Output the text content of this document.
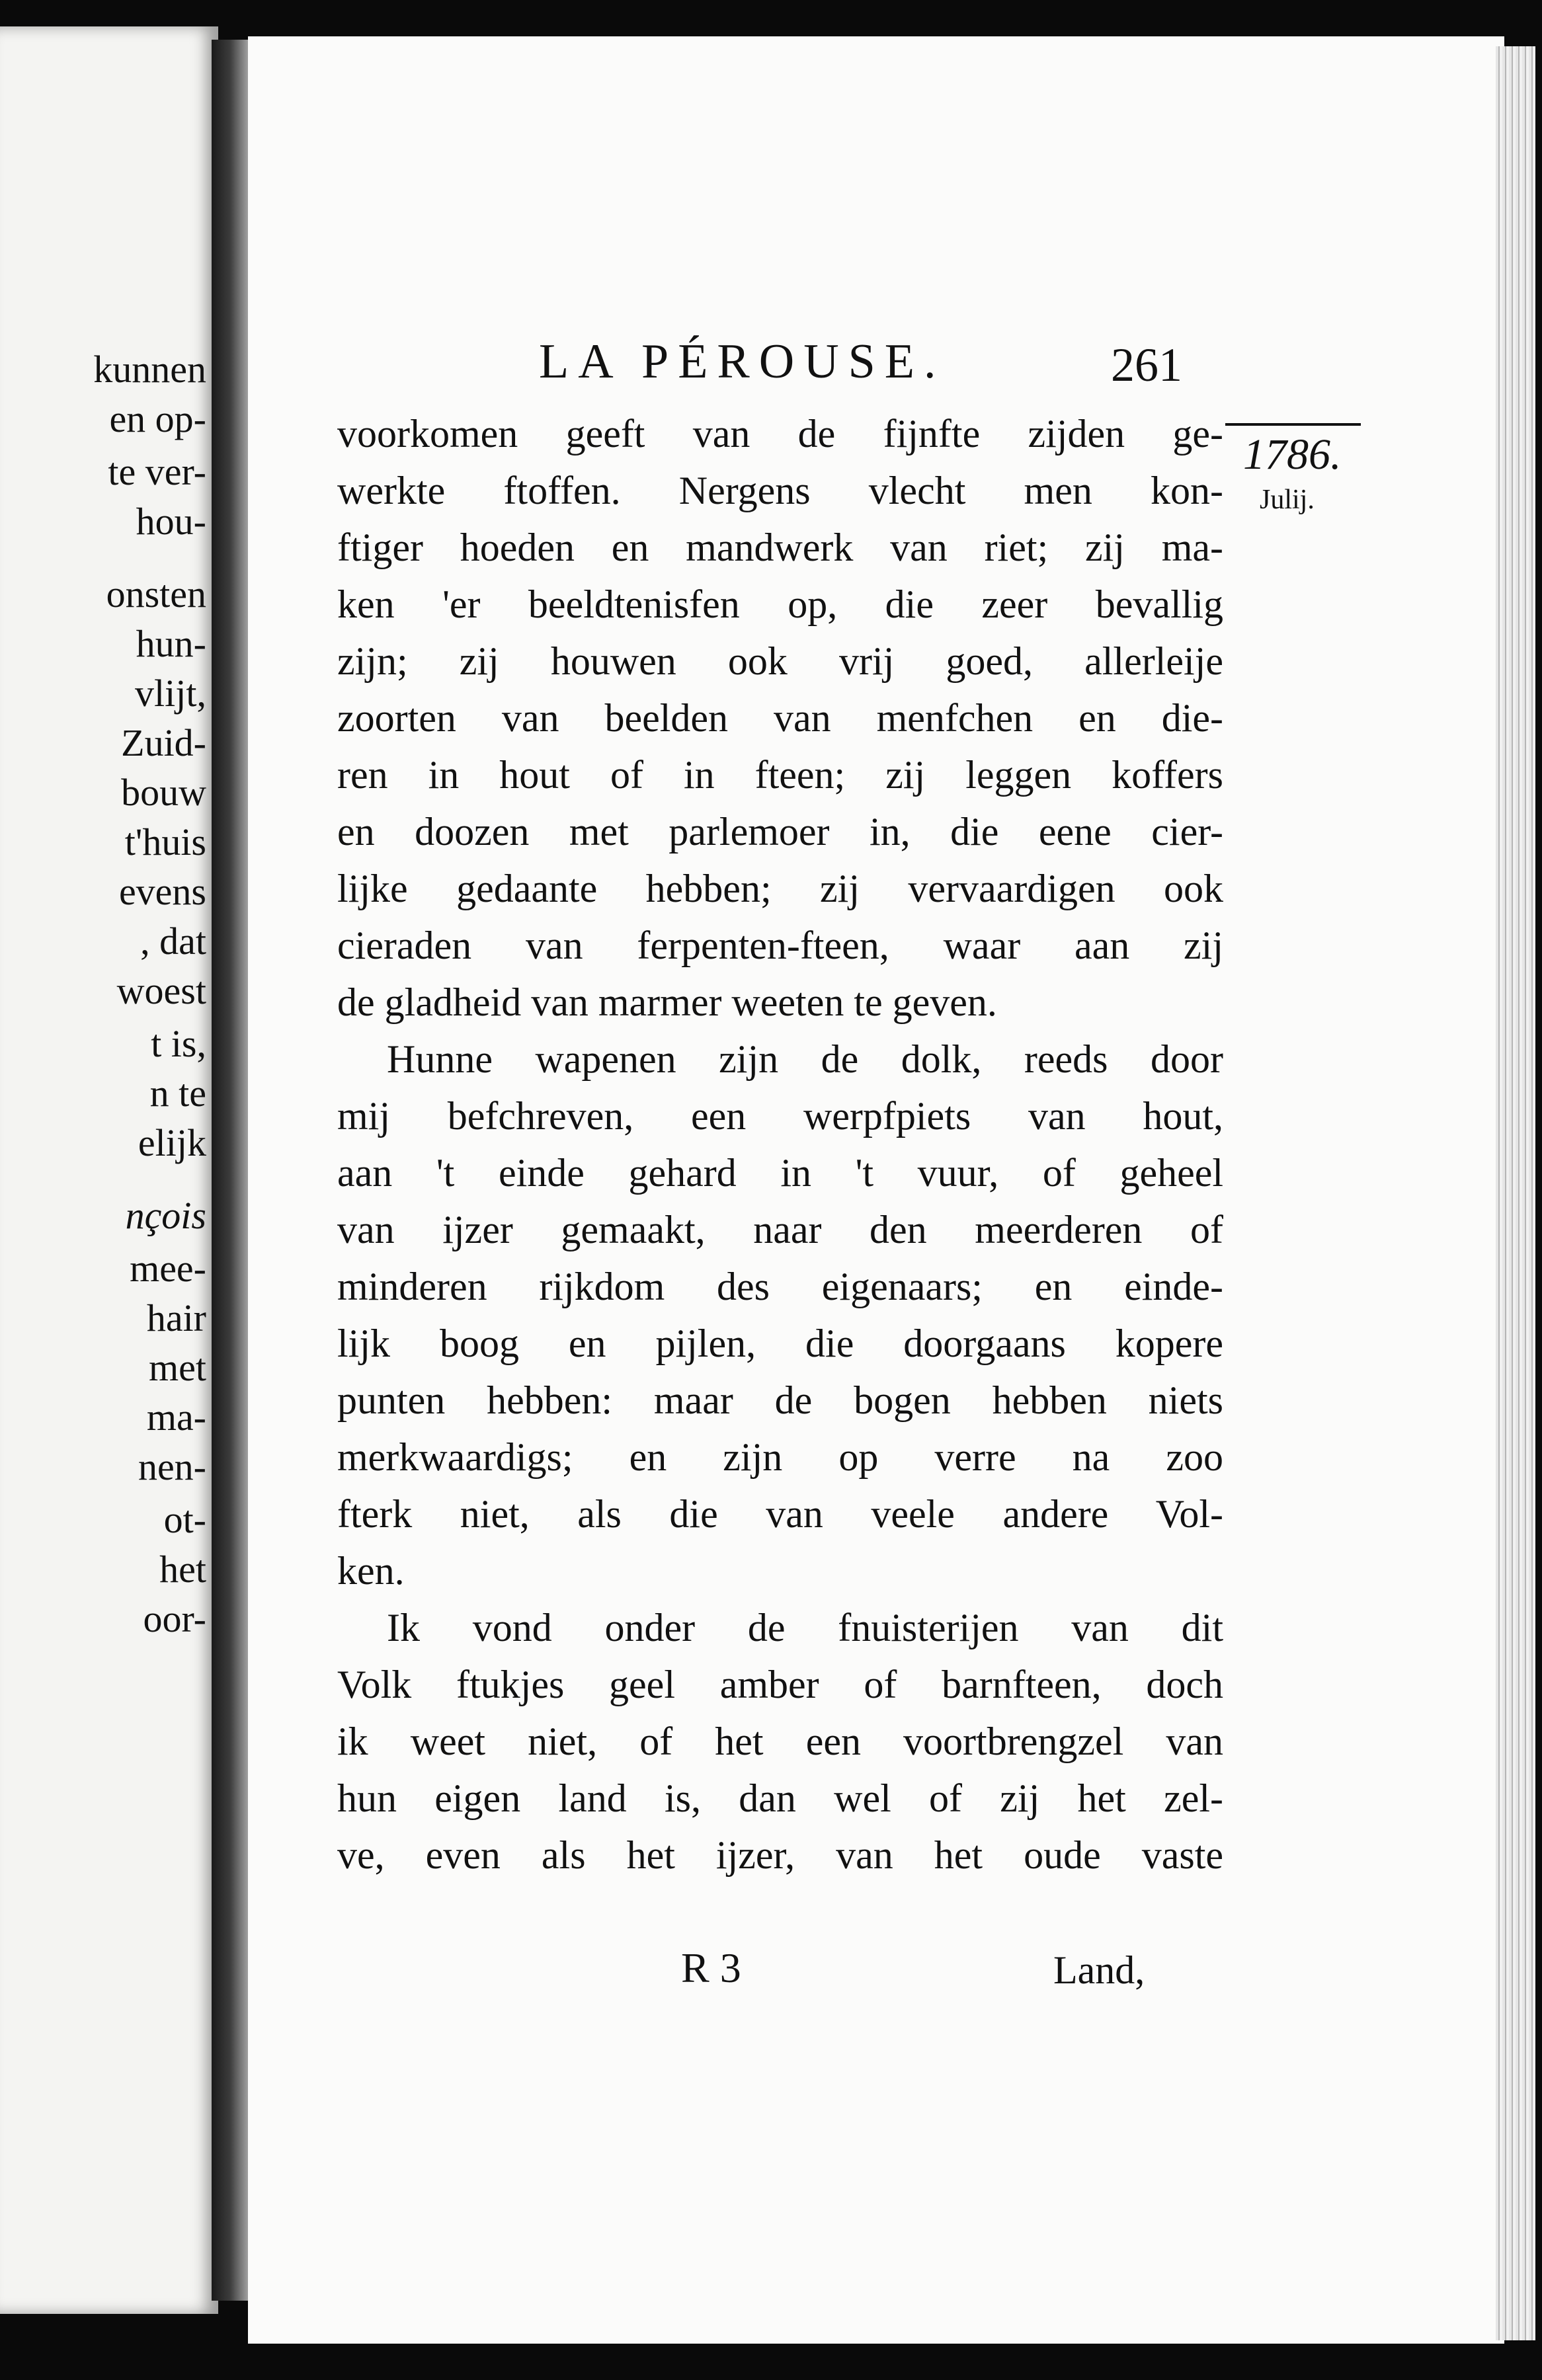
kunnen
en op-
te ver-
hou-
onsten
hun-
vlijt,
Zuid-
bouw
t'huis
evens
, dat
woest
t is,
n te
elijk
nçois
mee-
hair
met
ma-
nen-
ot-
het
oor-
LA PÉROUSE.	261
1786.
Julij.
voorkomen geeft van de fijnfte zijden ge-
werkte ftoffen. Nergens vlecht men kon-
ftiger hoeden en mandwerk van riet; zij ma-
ken 'er beeldtenisfen op, die zeer bevallig
zijn; zij houwen ook vrij goed, allerleije
zoorten van beelden van menfchen en die-
ren in hout of in fteen; zij leggen koffers
en doozen met parlemoer in, die eene cier-
lijke gedaante hebben; zij vervaardigen ook
cieraden van ferpenten-fteen, waar aan zij
de gladheid van marmer weeten te geven.
Hunne wapenen zijn de dolk, reeds door
mij befchreven, een werpfpiets van hout,
aan 't einde gehard in 't vuur, of geheel
van ijzer gemaakt, naar den meerderen of
minderen rijkdom des eigenaars; en einde-
lijk boog en pijlen, die doorgaans kopere
punten hebben: maar de bogen hebben niets
merkwaardigs; en zijn op verre na zoo
fterk niet, als die van veele andere Vol-
ken.
Ik vond onder de fnuisterijen van dit
Volk ftukjes geel amber of barnfteen, doch
ik weet niet, of het een voortbrengzel van
hun eigen land is, dan wel of zij het zel-
ve, even als het ijzer, van het oude vaste
R 3	Land,
